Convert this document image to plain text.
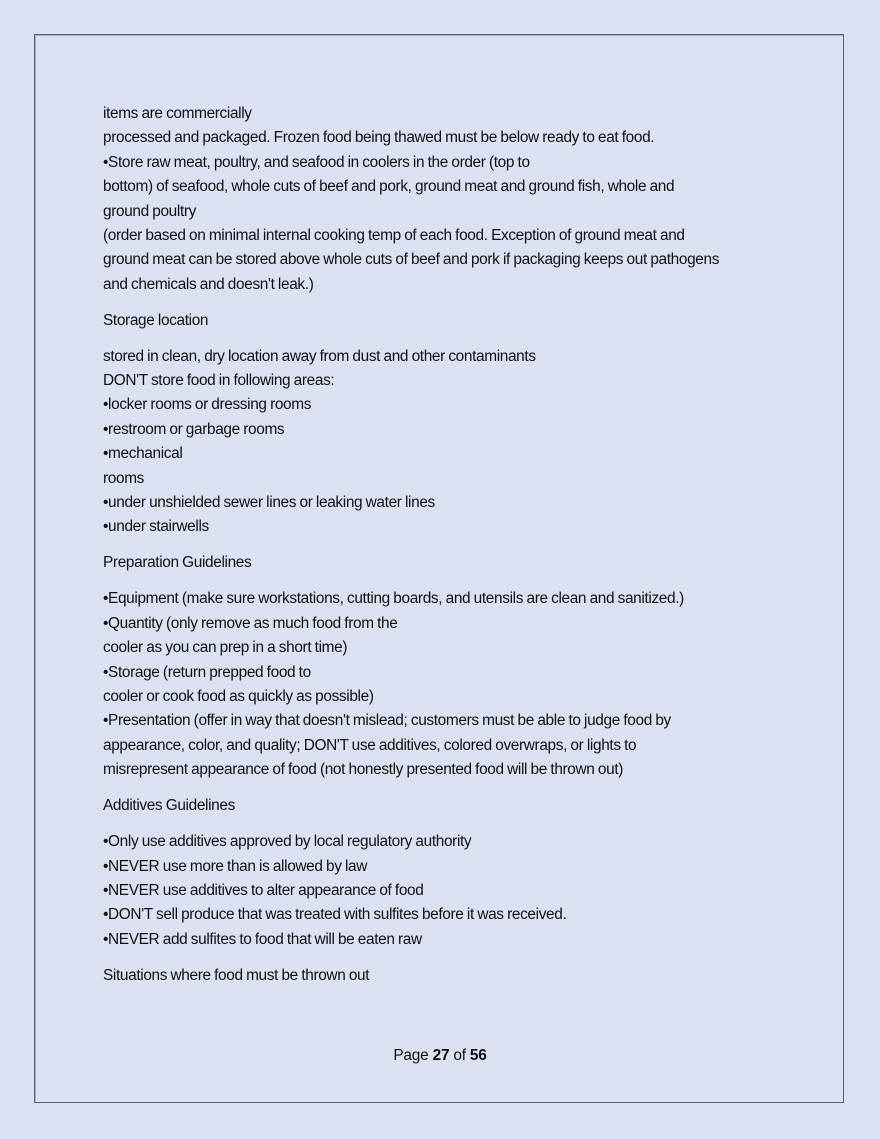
items are commercially
processed and packaged. Frozen food being thawed must be below ready to eat food.
•Store raw meat, poultry, and seafood in coolers in the order (top to
bottom) of seafood, whole cuts of beef and pork, ground meat and ground fish, whole and
ground poultry
(order based on minimal internal cooking temp of each food. Exception of ground meat and
ground meat can be stored above whole cuts of beef and pork if packaging keeps out pathogens
and chemicals and doesn't leak.)
Storage location
stored in clean, dry location away from dust and other contaminants
DON'T store food in following areas:
•locker rooms or dressing rooms
•restroom or garbage rooms
•mechanical
rooms
•under unshielded sewer lines or leaking water lines
•under stairwells
Preparation Guidelines
•Equipment (make sure workstations, cutting boards, and utensils are clean and sanitized.)
•Quantity (only remove as much food from the
cooler as you can prep in a short time)
•Storage (return prepped food to
cooler or cook food as quickly as possible)
•Presentation (offer in way that doesn't mislead; customers must be able to judge food by
appearance, color, and quality; DON'T use additives, colored overwraps, or lights to
misrepresent appearance of food (not honestly presented food will be thrown out)
Additives Guidelines
•Only use additives approved by local regulatory authority
•NEVER use more than is allowed by law
•NEVER use additives to alter appearance of food
•DON'T sell produce that was treated with sulfites before it was received.
•NEVER add sulfites to food that will be eaten raw
Situations where food must be thrown out
Page 27 of 56
